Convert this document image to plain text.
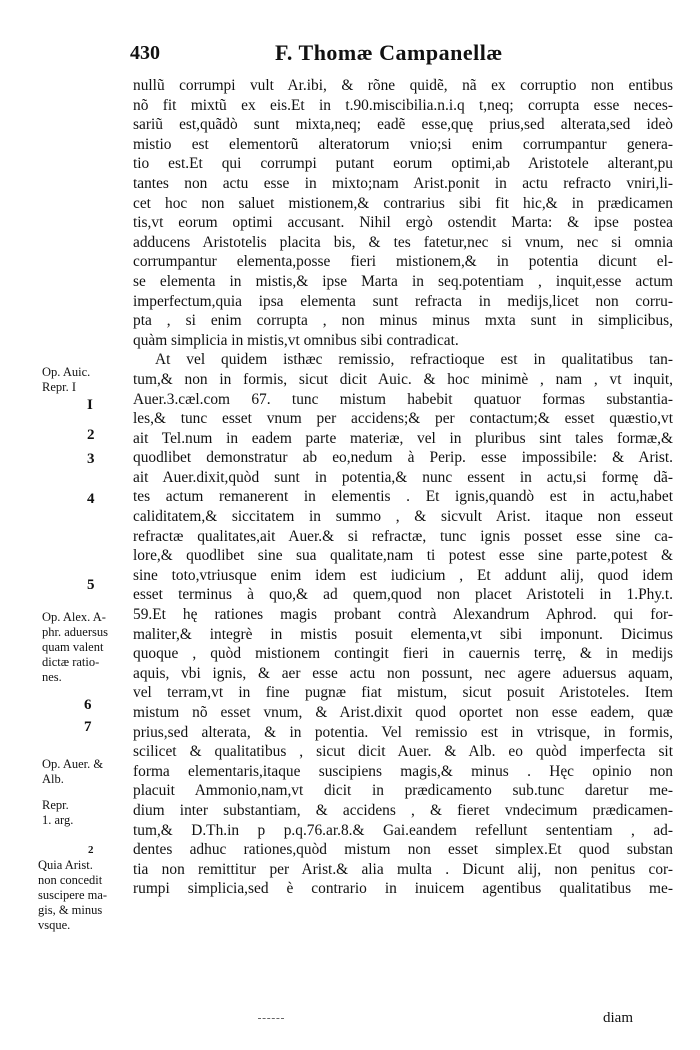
430	F. Thomæ Campanellæ
nullũ corrumpi vult Ar.ibi, & rõne quidẽ, nã ex corruptio non entibus
nõ fit mixtũ ex eis.Et in t.90.miscibilia.n.i.q t,neq; corrupta esse neces-
sariũ est,quãdò sunt mixta,neq; eadẽ esse,quę prius,sed alterata,sed ideò
mistio est elementorũ alteratorum vnio;si enim corrumpantur genera-
tio est.Et qui corrumpi putant eorum optimi,ab Aristotele alterant,pu
tantes non actu esse in mixto;nam Arist.ponit in actu refracto vniri,li-
cet hoc non saluet mistionem,& contrarius sibi fit hic,& in prædicamen
tis,vt eorum optimi accusant. Nihil ergò ostendit Marta: & ipse postea
adducens Aristotelis placita bis, & tes fatetur,nec si vnum, nec si omnia
corrumpantur elementa,posse fieri mistionem,& in potentia dicunt el-
se elementa in mistis,& ipse Marta in seq.potentiam , inquit,esse actum
imperfectum,quia ipsa elementa sunt refracta in medijs,licet non corru-
pta , si enim corrupta , non minus minus mxta sunt in simplicibus,
quàm simplicia in mistis,vt omnibus sibi contradicat.
At vel quidem isthæc remissio, refractioque est in qualitatibus tan-
tum,& non in formis, sicut dicit Auic. & hoc minimè , nam , vt inquit,
Auer.3.cæl.com 67. tunc mistum habebit quatuor formas substantia-
les,& tunc esset vnum per accidens;& per contactum;& esset quæstio,vt
ait Tel.num in eadem parte materiæ, vel in pluribus sint tales formæ,&
quodlibet demonstratur ab eo,nedum à Perip. esse impossibile: & Arist.
ait Auer.dixit,quòd sunt in potentia,& nunc essent in actu,si formę dã-
tes actum remanerent in elementis . Et ignis,quandò est in actu,habet
caliditatem,& siccitatem in summo , & sicvult Arist. itaque non esseut
refractæ qualitates,ait Auer.& si refractæ, tunc ignis posset esse sine ca-
lore,& quodlibet sine sua qualitate,nam ti potest esse sine parte,potest &
sine toto,vtriusque enim idem est iudicium , Et addunt alij, quod idem
esset terminus à quo,& ad quem,quod non placet Aristoteli in 1.Phy.t.
59.Et hę rationes magis probant contrà Alexandrum Aphrod. qui for-
maliter,& integrè in mistis posuit elementa,vt sibi imponunt. Dicimus
quoque , quòd mistionem contingit fieri in cauernis terrę, & in medijs
aquis, vbi ignis, & aer esse actu non possunt, nec agere aduersus aquam,
vel terram,vt in fine pugnæ fiat mistum, sicut posuit Aristoteles. Item
mistum nõ esset vnum, & Arist.dixit quod oportet non esse eadem, quæ
prius,sed alterata, & in potentia. Vel remissio est in vtrisque, in formis,
scilicet & qualitatibus , sicut dicit Auer. & Alb. eo quòd imperfecta sit
forma elementaris,itaque suscipiens magis,& minus . Hęc opinio non
placuit Ammonio,nam,vt dicit in prædicamento sub.tunc daretur me-
dium inter substantiam, & accidens , & fieret vndecimum prædicamen-
tum,& D.Th.in p p.q.76.ar.8.& Gai.eandem refellunt sententiam , ad-
dentes adhuc rationes,quòd mistum non esset simplex.Et quod substan
tia non remittitur per Arist.& alia multa . Dicunt alij, non penitus cor-
rumpi simplicia,sed è contrario in inuicem agentibus qualitatibus me-
diam
Op. Auic.
Repr. I
I
2
3
4
5
Op. Alex. A-
phr. aduersus
quam valent
dictæ ratio-
nes.
6
7
Op. Auer. &
Alb.
Repr.
1. arg.
2
Quia Arist.
non concedit
suscipere ma-
gis, & minus
vsque.
